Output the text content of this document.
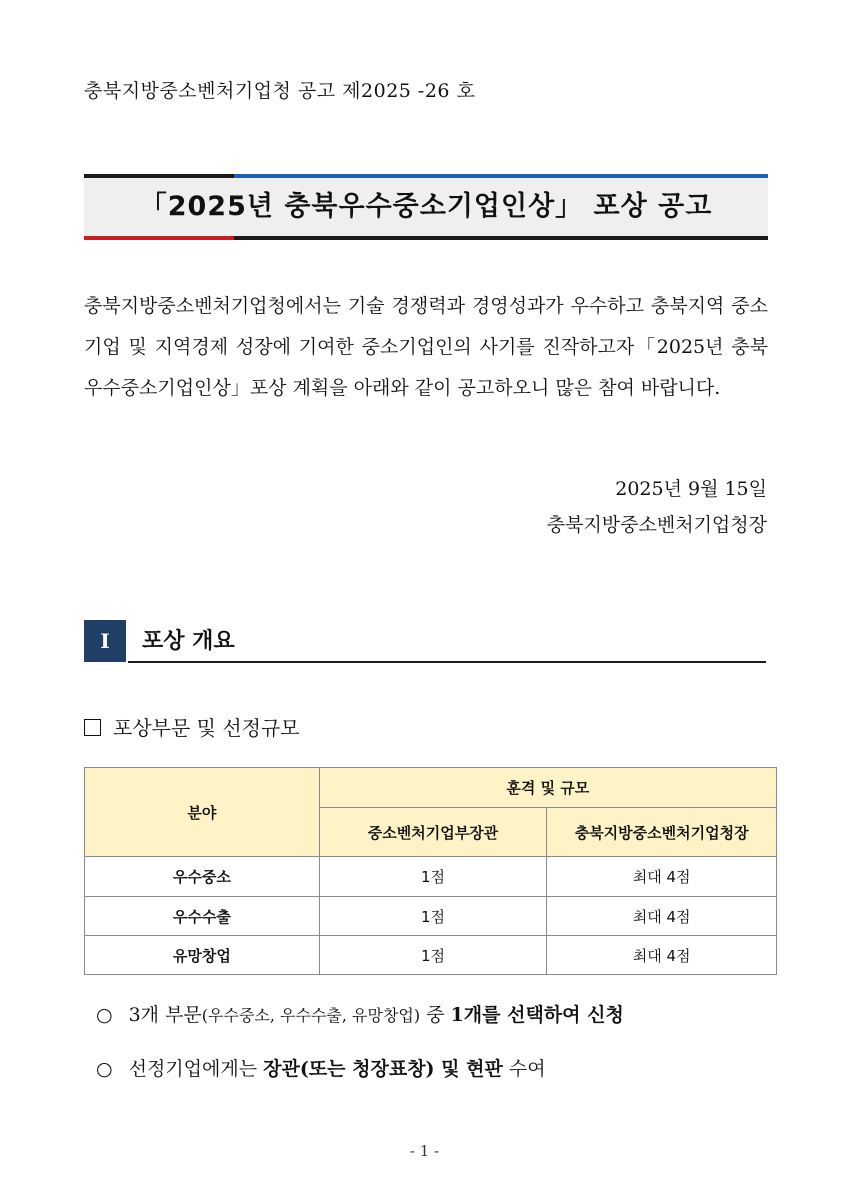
충북지방중소벤처기업청 공고 제2025 -26 호
「2025년 충북우수중소기업인상」 포상 공고
충북지방중소벤처기업청에서는 기술 경쟁력과 경영성과가 우수하고 충북지역 중소기업 및 지역경제 성장에 기여한 중소기업인의 사기를 진작하고자「2025년 충북우수중소기업인상」포상 계획을 아래와 같이 공고하오니 많은 참여 바랍니다.
2025년 9월 15일
충북지방중소벤처기업청장
I	포상 개요
포상부문 및 선정규모
분야	훈격 및 규모	
	중소벤처기업부장관	충북지방중소벤처기업청장
우수중소	1점	최대 4점
우수수출	1점	최대 4점
유망창업	1점	최대 4점
○ 3개 부문(우수중소, 우수수출, 유망창업) 중 1개를 선택하여 신청
○ 선정기업에게는 장관(또는 청장표창) 및 현판 수여
- 1 -
